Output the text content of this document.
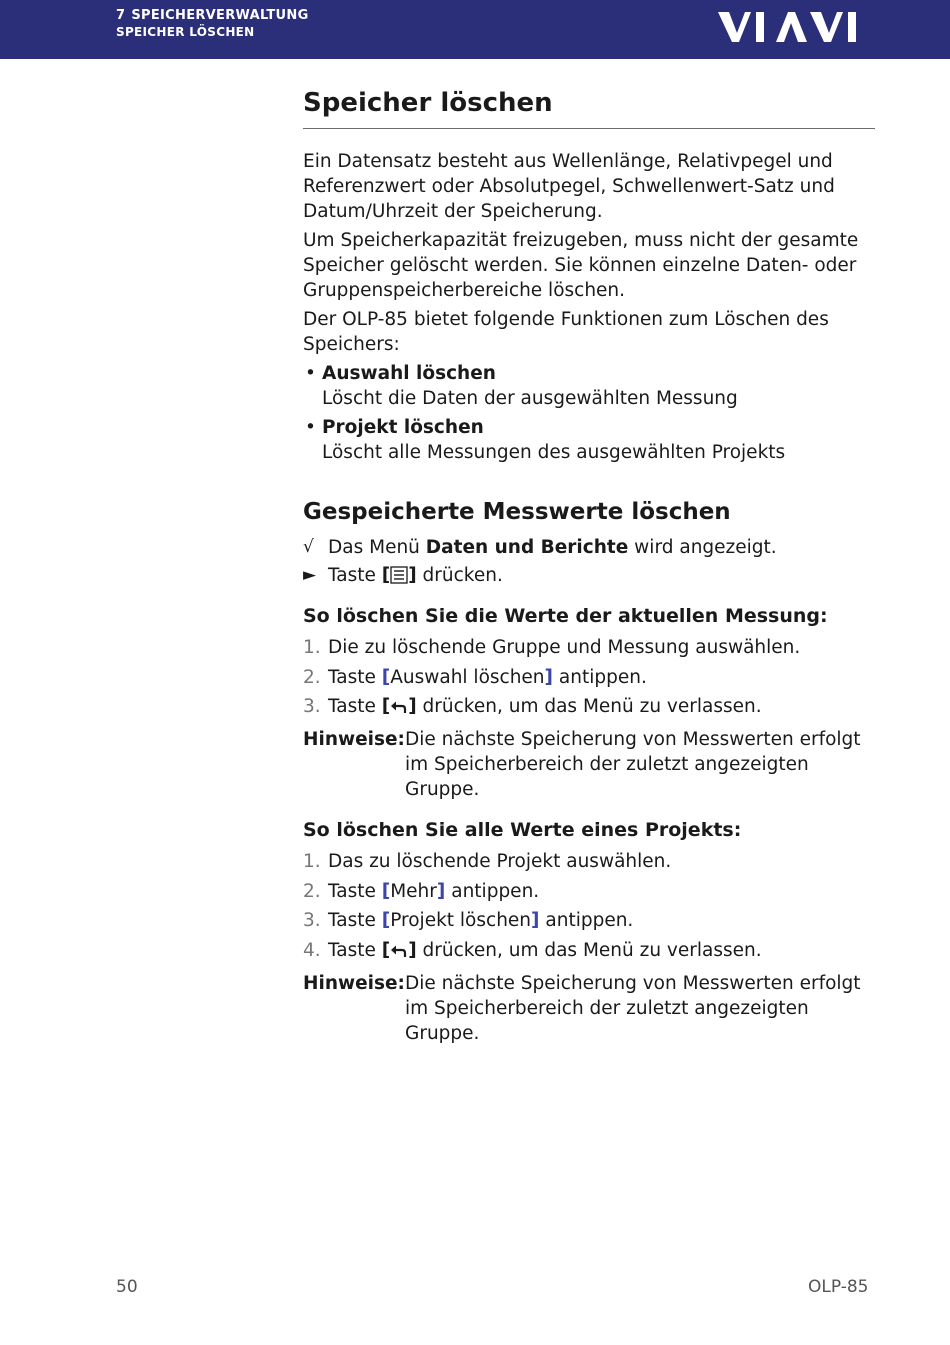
7 SPEICHERVERWALTUNG
SPEICHER LÖSCHEN
Speicher löschen

Ein Datensatz besteht aus Wellenlänge, Relativpegel und Referenzwert oder Absolutpegel, Schwellenwert-Satz und Datum/Uhrzeit der Speicherung.

Um Speicherkapazität freizugeben, muss nicht der gesamte Speicher gelöscht werden. Sie können einzelne Daten- oder Gruppenspeicherbereiche löschen.

Der OLP-85 bietet folgende Funktionen zum Löschen des Speichers:

• Auswahl löschen
Löscht die Daten der ausgewählten Messung
• Projekt löschen
Löscht alle Messungen des ausgewählten Projekts
Gespeicherte Messwerte löschen
√ Das Menü Daten und Berichte wird angezeigt.
► Taste [ ] drücken.
So löschen Sie die Werte der aktuellen Messung:
1. Die zu löschende Gruppe und Messung auswählen.
2. Taste [Auswahl löschen] antippen.
3. Taste [ ] drücken, um das Menü zu verlassen.
Hinweise: Die nächste Speicherung von Messwerten erfolgt im Speicherbereich der zuletzt angezeigten Gruppe.
So löschen Sie alle Werte eines Projekts:
1. Das zu löschende Projekt auswählen.
2. Taste [Mehr] antippen.
3. Taste [Projekt löschen] antippen.
4. Taste [ ] drücken, um das Menü zu verlassen.
Hinweise: Die nächste Speicherung von Messwerten erfolgt im Speicherbereich der zuletzt angezeigten Gruppe.
50	OLP-85
